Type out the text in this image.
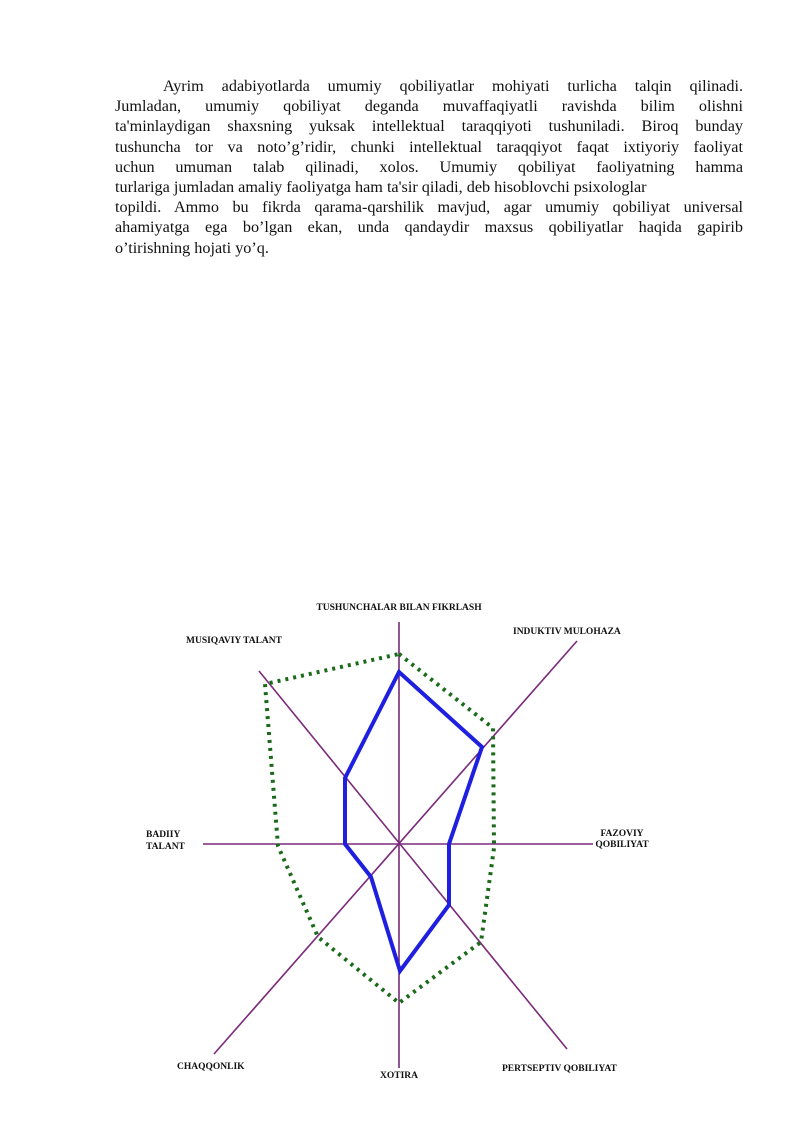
Ayrim adabiyotlarda umumiy qobiliyatlar mohiyati turlicha talqin qilinadi.
Jumladan, umumiy qobiliyat deganda muvaffaqiyatli ravishda bilim olishni
ta'minlaydigan shaxsning yuksak intellektual taraqqiyoti tushuniladi. Biroq bunday
tushuncha tor va noto’g’ridir, chunki intellektual taraqqiyot faqat ixtiyoriy faoliyat
uchun umuman talab qilinadi, xolos. Umumiy qobiliyat faoliyatning hamma
turlariga jumladan amaliy faoliyatga ham ta'sir qiladi, deb hisoblovchi psixologlar
topildi. Ammo bu fikrda qarama-qarshilik mavjud, agar umumiy qobiliyat universal
ahamiyatga ega bo’lgan ekan, unda qandaydir maxsus qobiliyatlar haqida gapirib
o’tirishning hojati yo’q.

TUSHUNCHALAR BILAN FIKRLASH
INDUKTIV MULOHAZA
MUSIQAVIY TALANT
BADIIY
TALANT
FAZOVIY
QOBILIYAT
CHAQQONLIK
XOTIRA
PERTSEPTIV QOBILIYAT
